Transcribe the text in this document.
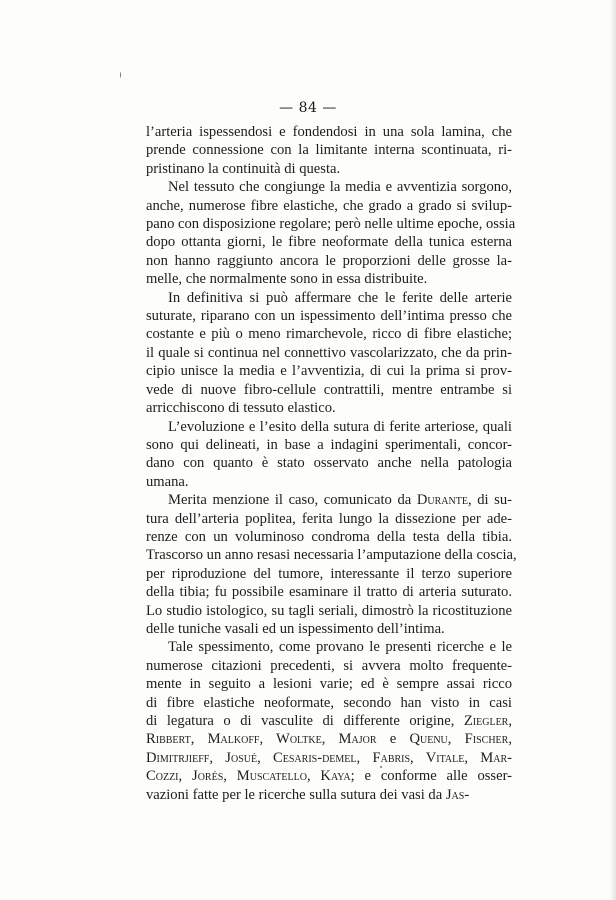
— 84 —

l’arteria ispessendosi e fondendosi in una sola lamina, che
prende connessione con la limitante interna scontinuata, ri-
pristinano la continuità di questa.

Nel tessuto che congiunge la media e avventizia sorgono,
anche, numerose fibre elastiche, che grado a grado si svilup-
pano con disposizione regolare; però nelle ultime epoche, ossia
dopo ottanta giorni, le fibre neoformate della tunica esterna
non hanno raggiunto ancora le proporzioni delle grosse la-
melle, che normalmente sono in essa distribuite.

In definitiva si può affermare che le ferite delle arterie
suturate, riparano con un ispessimento dell’intima presso che
costante e più o meno rimarchevole, ricco di fibre elastiche;
il quale si continua nel connettivo vascolarizzato, che da prin-
cipio unisce la media e l’avventizia, di cui la prima si prov-
vede di nuove fibro-cellule contrattili, mentre entrambe si
arricchiscono di tessuto elastico.

L’evoluzione e l’esito della sutura di ferite arteriose, quali
sono qui delineati, in base a indagini sperimentali, concor-
dano con quanto è stato osservato anche nella patologia
umana.

Merita menzione il caso, comunicato da Durante, di su-
tura dell’arteria poplitea, ferita lungo la dissezione per ade-
renze con un voluminoso condroma della testa della tibia.
Trascorso un anno resasi necessaria l’amputazione della coscia,
per riproduzione del tumore, interessante il terzo superiore
della tibia; fu possibile esaminare il tratto di arteria suturato.
Lo studio istologico, su tagli seriali, dimostrò la ricostituzione
delle tuniche vasali ed un ispessimento dell’intima.

Tale spessimento, come provano le presenti ricerche e le
numerose citazioni precedenti, si avvera molto frequente-
mente in seguito a lesioni varie; ed è sempre assai ricco
di fibre elastiche neoformate, secondo han visto in casi
di legatura o di vasculite di differente origine, Ziegler,
Ribbert, Malkoff, Woltke, Major e Quenu, Fischer,
Dimitrjieff, Josué, Cesaris-demel, Fabris, Vitale, Mar-
Cozzi, Jorés, Muscatello, Kaya; e conforme alle osser-
vazioni fatte per le ricerche sulla sutura dei vasi da Jas-
